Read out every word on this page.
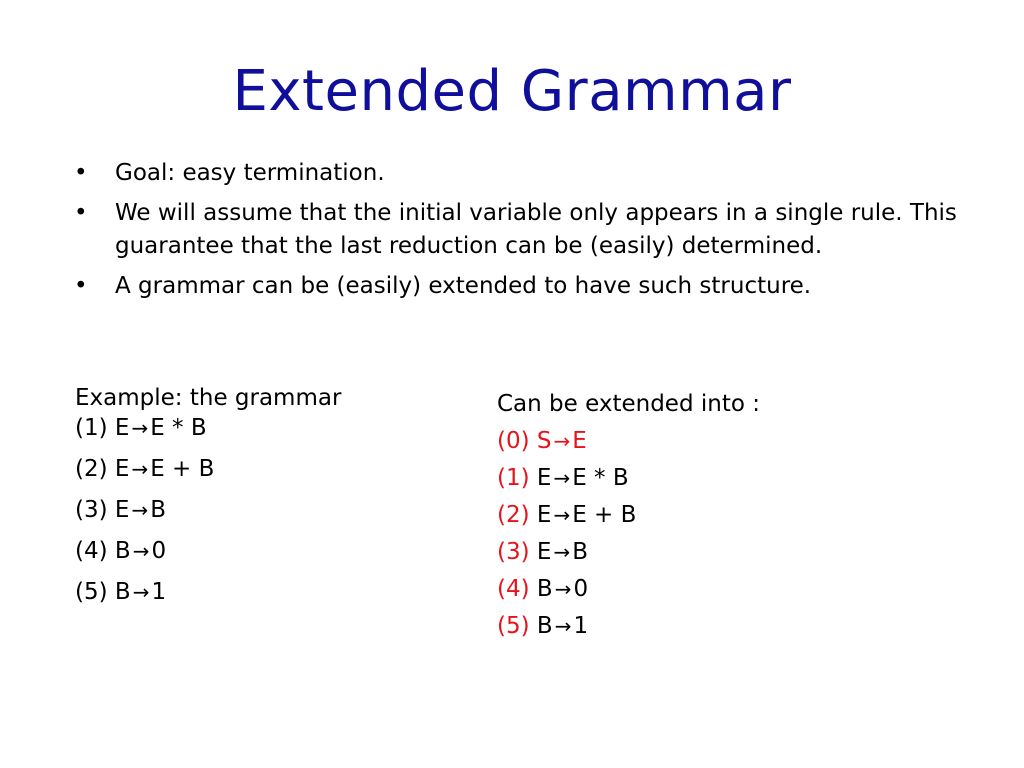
Extended Grammar
• Goal: easy termination.
• We will assume that the initial variable only appears in a single rule. This guarantee that the last reduction can be (easily) determined.
• A grammar can be (easily) extended to have such structure.
Example: the grammar
(1) E →E * B
(2) E →E + B
(3) E →B
(4) B →0
(5) B →1
Can be extended into :
(0) S →E
(1) E →E * B
(2) E →E + B
(3) E →B
(4) B →0
(5) B →1
